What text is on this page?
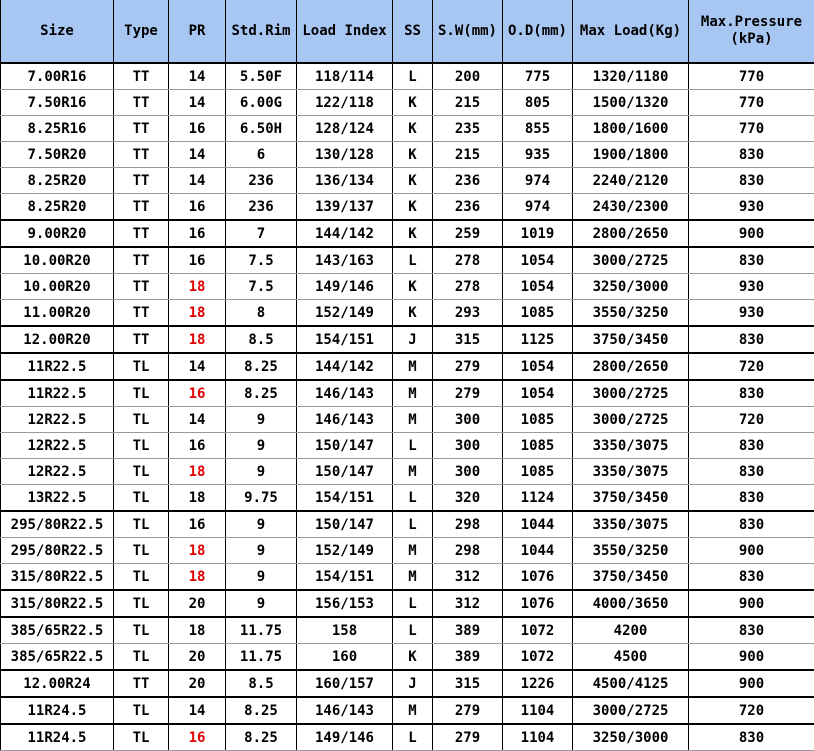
Size	Type	PR	Std.Rim	Load Index	SS	S.W(mm)	O.D(mm)	Max Load(Kg)	Max.Pressure
(kPa)
7.00R16	TT	14	5.50F	118/114	L	200	775	1320/1180	770
7.50R16	TT	14	6.00G	122/118	K	215	805	1500/1320	770
8.25R16	TT	16	6.50H	128/124	K	235	855	1800/1600	770
7.50R20	TT	14	6	130/128	K	215	935	1900/1800	830
8.25R20	TT	14	236	136/134	K	236	974	2240/2120	830
8.25R20	TT	16	236	139/137	K	236	974	2430/2300	930
9.00R20	TT	16	7	144/142	K	259	1019	2800/2650	900
10.00R20	TT	16	7.5	143/163	L	278	1054	3000/2725	830
10.00R20	TT	18	7.5	149/146	K	278	1054	3250/3000	930
11.00R20	TT	18	8	152/149	K	293	1085	3550/3250	930
12.00R20	TT	18	8.5	154/151	J	315	1125	3750/3450	830
11R22.5	TL	14	8.25	144/142	M	279	1054	2800/2650	720
11R22.5	TL	16	8.25	146/143	M	279	1054	3000/2725	830
12R22.5	TL	14	9	146/143	M	300	1085	3000/2725	720
12R22.5	TL	16	9	150/147	L	300	1085	3350/3075	830
12R22.5	TL	18	9	150/147	M	300	1085	3350/3075	830
13R22.5	TL	18	9.75	154/151	L	320	1124	3750/3450	830
295/80R22.5	TL	16	9	150/147	L	298	1044	3350/3075	830
295/80R22.5	TL	18	9	152/149	M	298	1044	3550/3250	900
315/80R22.5	TL	18	9	154/151	M	312	1076	3750/3450	830
315/80R22.5	TL	20	9	156/153	L	312	1076	4000/3650	900
385/65R22.5	TL	18	11.75	158	L	389	1072	4200	830
385/65R22.5	TL	20	11.75	160	K	389	1072	4500	900
12.00R24	TT	20	8.5	160/157	J	315	1226	4500/4125	900
11R24.5	TL	14	8.25	146/143	M	279	1104	3000/2725	720
11R24.5	TL	16	8.25	149/146	L	279	1104	3250/3000	830
